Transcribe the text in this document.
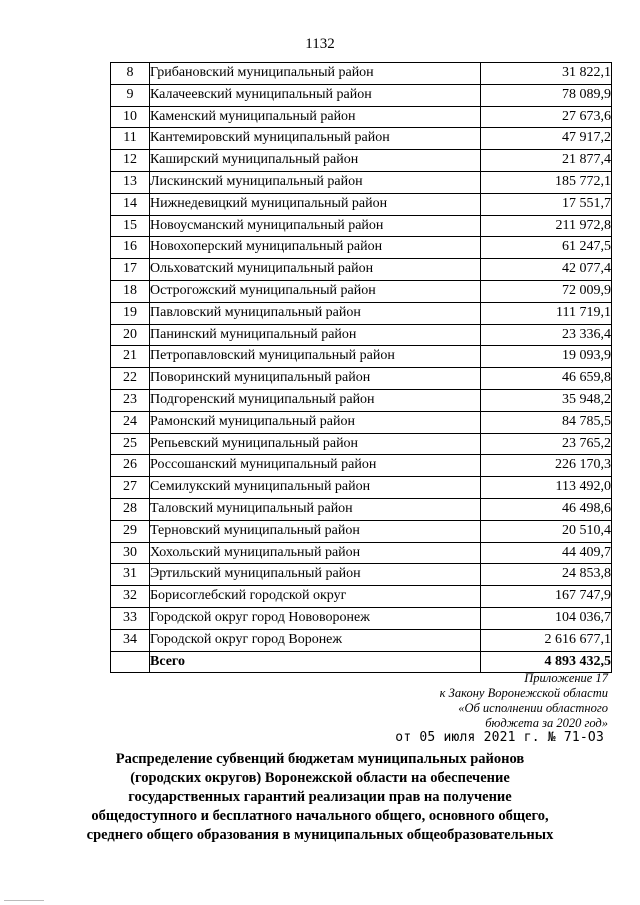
1132
8	Грибановский муниципальный район	31 822,1
9	Калачеевский муниципальный район	78 089,9
10	Каменский муниципальный район	27 673,6
11	Кантемировский муниципальный район	47 917,2
12	Каширский муниципальный район	21 877,4
13	Лискинский муниципальный район	185 772,1
14	Нижнедевицкий муниципальный район	17 551,7
15	Новоусманский муниципальный район	211 972,8
16	Новохоперский муниципальный район	61 247,5
17	Ольховатский муниципальный район	42 077,4
18	Острогожский муниципальный район	72 009,9
19	Павловский муниципальный район	111 719,1
20	Панинский муниципальный район	23 336,4
21	Петропавловский муниципальный район	19 093,9
22	Поворинский муниципальный район	46 659,8
23	Подгоренский муниципальный район	35 948,2
24	Рамонский муниципальный район	84 785,5
25	Репьевский муниципальный район	23 765,2
26	Россошанский муниципальный район	226 170,3
27	Семилукский муниципальный район	113 492,0
28	Таловский муниципальный район	46 498,6
29	Терновский муниципальный район	20 510,4
30	Хохольский муниципальный район	44 409,7
31	Эртильский муниципальный район	24 853,8
32	Борисоглебский городской округ	167 747,9
33	Городской округ город Нововоронеж	104 036,7
34	Городской округ город Воронеж	2 616 677,1
	Всего	4 893 432,5
Приложение 17
к Закону Воронежской области
«Об исполнении областного
бюджета за 2020 год»
от 05 июля 2021 г. № 71-ОЗ
Распределение субвенций бюджетам муниципальных районов
(городских округов) Воронежской области на обеспечение
государственных гарантий реализации прав на получение
общедоступного и бесплатного начального общего, основного общего,
среднего общего образования в муниципальных общеобразовательных
